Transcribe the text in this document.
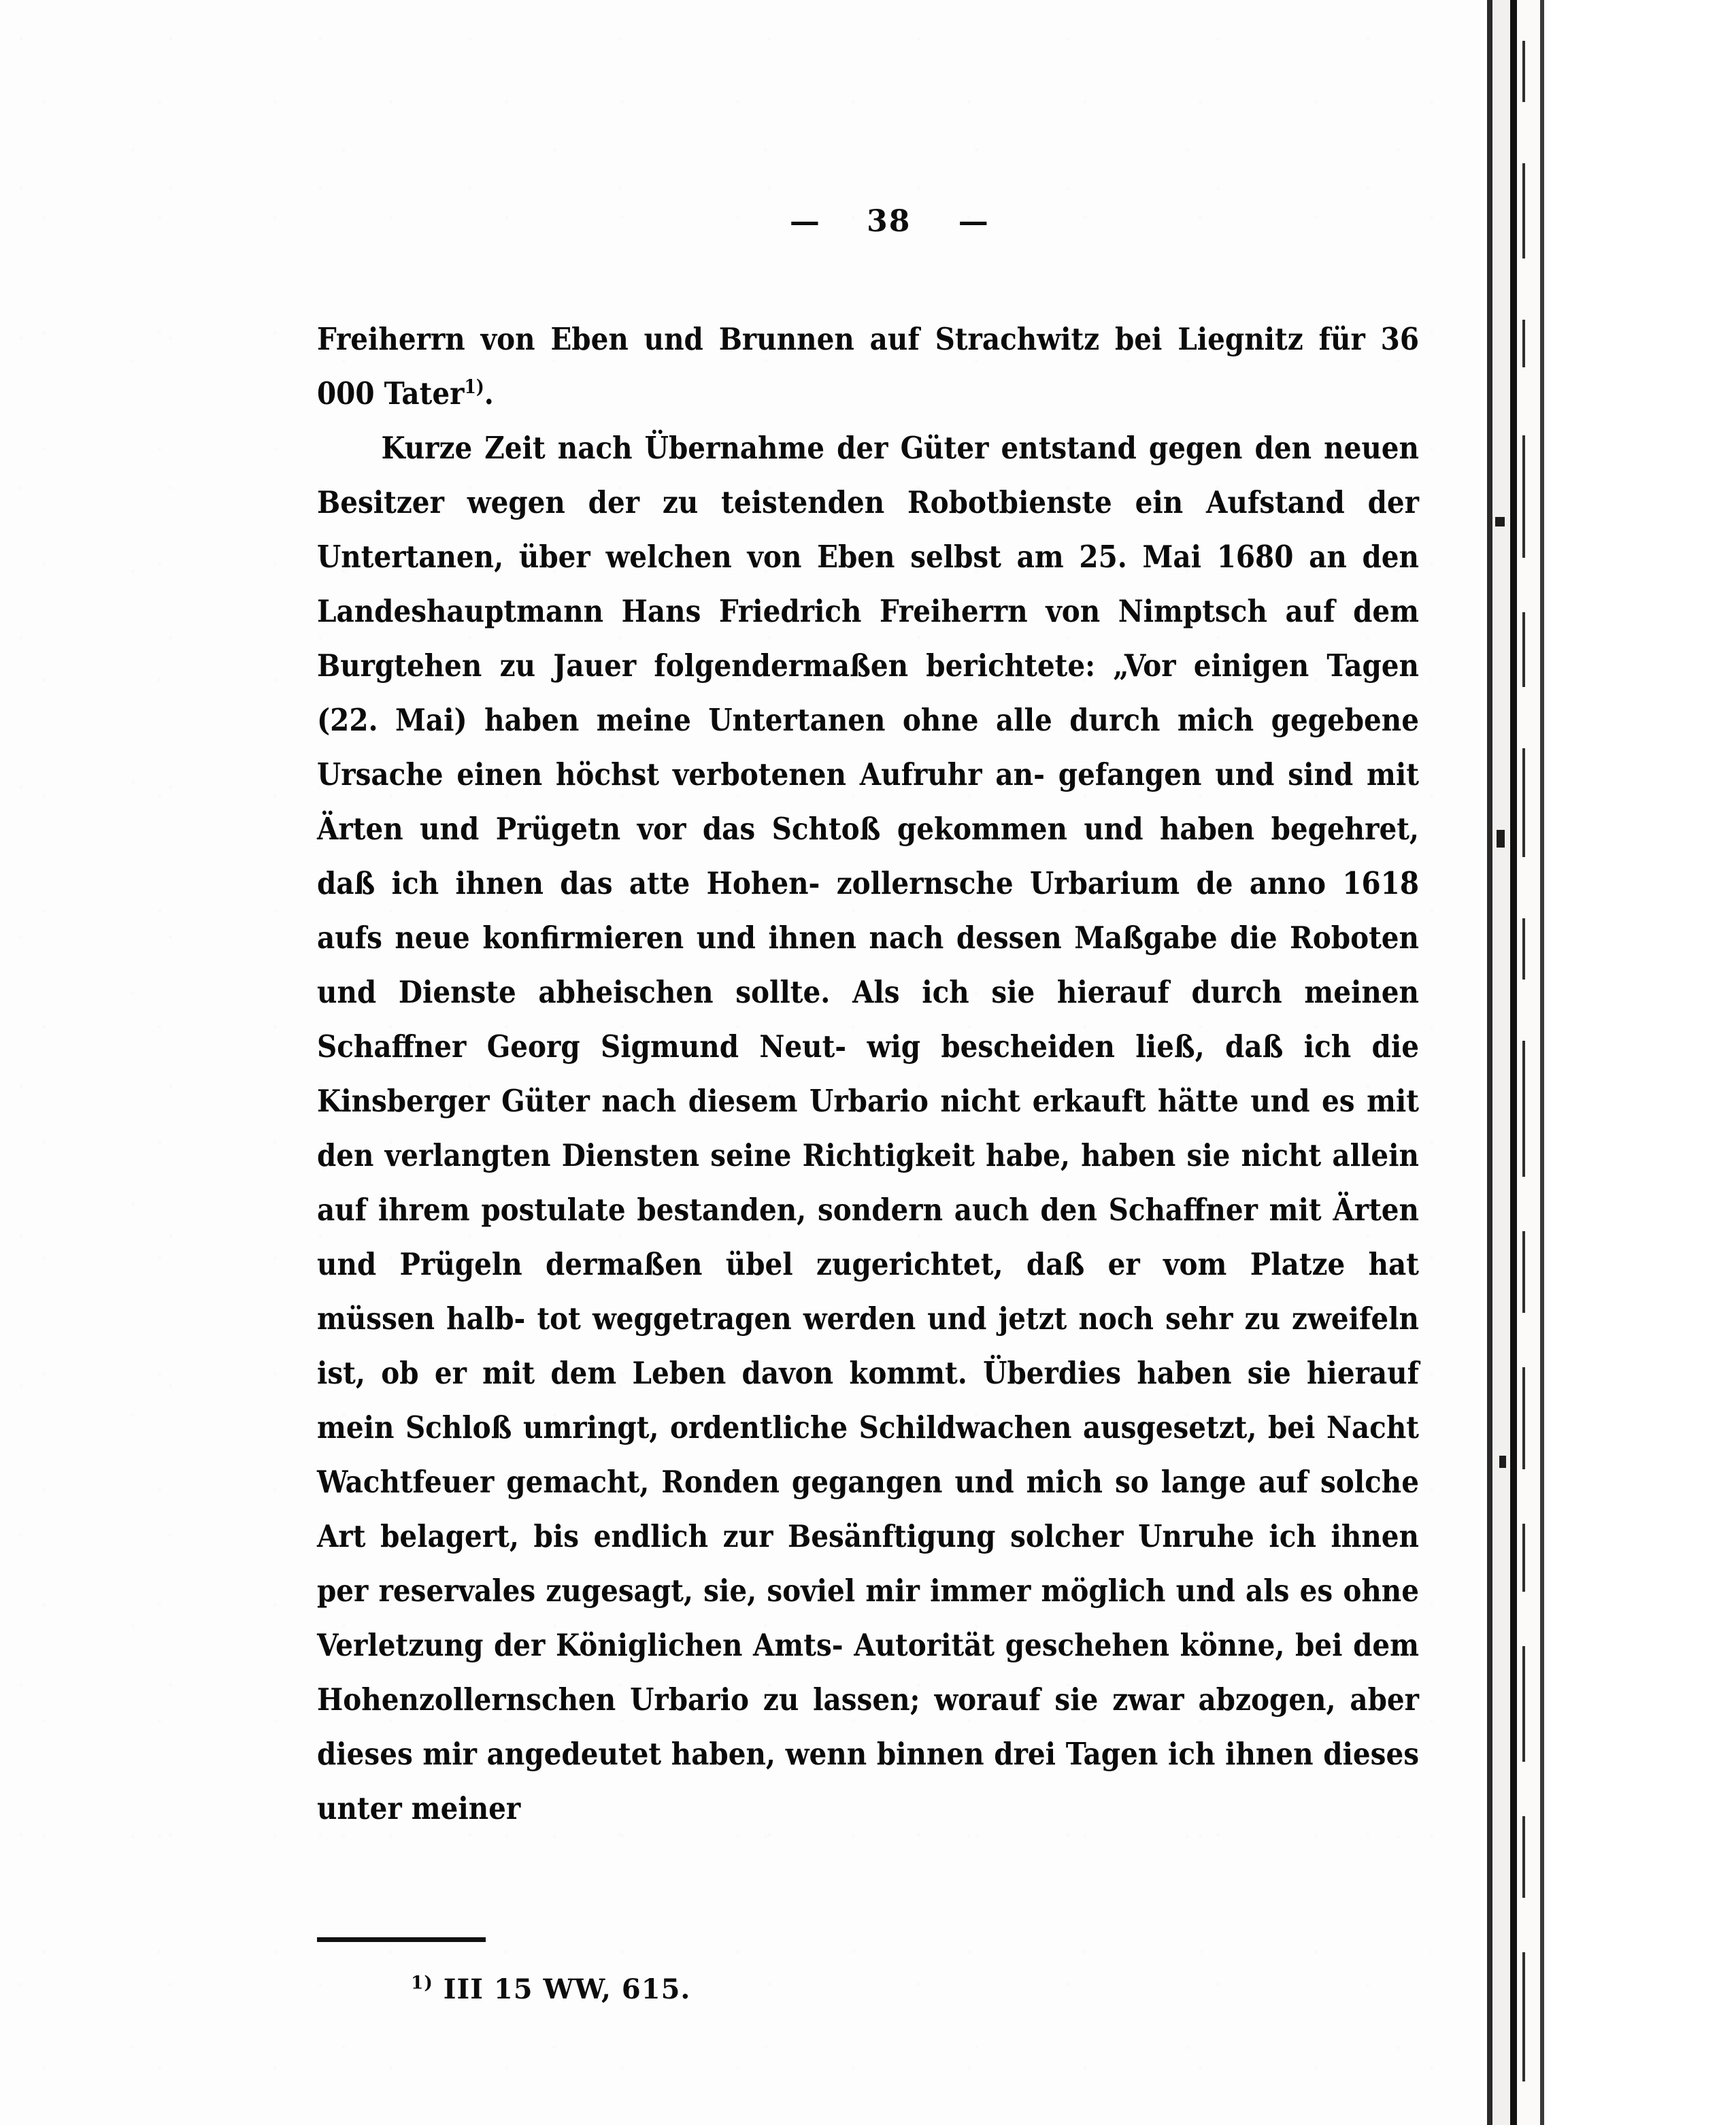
— 38 —

Freiherrn von Eben und Brunnen auf Strachwitz bei Liegnitz für 36 000 Tater$^{1)}$.

Kurze Zeit nach Übernahme der Güter entstand gegen den neuen Besitzer wegen der zu teistenden Robotbienste ein Aufstand der Untertanen, über welchen von Eben selbst am 25. Mai 1680 an den Landeshauptmann Hans Friedrich Freiherrn von Nimptsch auf dem Burgtehen zu Jauer folgendermaßen berichtete: „Vor einigen Tagen (22. Mai) haben meine Untertanen ohne alle durch mich gegebene Ursache einen höchst verbotenen Aufruhr an- gefangen und sind mit Ärten und Prügetn vor das Schtoß gekommen und haben begehret, daß ich ihnen das atte Hohen- zollernsche Urbarium de anno 1618 aufs neue konfirmieren und ihnen nach dessen Maßgabe die Roboten und Dienste abheischen sollte. Als ich sie hierauf durch meinen Schaffner Georg Sigmund Neut- wig bescheiden ließ, daß ich die Kinsberger Güter nach diesem Urbario nicht erkauft hätte und es mit den verlangten Diensten seine Richtigkeit habe, haben sie nicht allein auf ihrem postulate bestanden, sondern auch den Schaffner mit Ärten und Prügeln dermaßen übel zugerichtet, daß er vom Platze hat müssen halb- tot weggetragen werden und jetzt noch sehr zu zweifeln ist, ob er mit dem Leben davon kommt. Überdies haben sie hierauf mein Schloß umringt, ordentliche Schildwachen ausgesetzt, bei Nacht Wachtfeuer gemacht, Ronden gegangen und mich so lange auf solche Art belagert, bis endlich zur Besänftigung solcher Unruhe ich ihnen per reservales zugesagt, sie, soviel mir immer möglich und als es ohne Verletzung der Königlichen Amts- Autorität geschehen könne, bei dem Hohenzollernschen Urbario zu lassen; worauf sie zwar abzogen, aber dieses mir angedeutet haben, wenn binnen drei Tagen ich ihnen dieses unter meiner

$^{1)}$ III 15 WW, 615.
